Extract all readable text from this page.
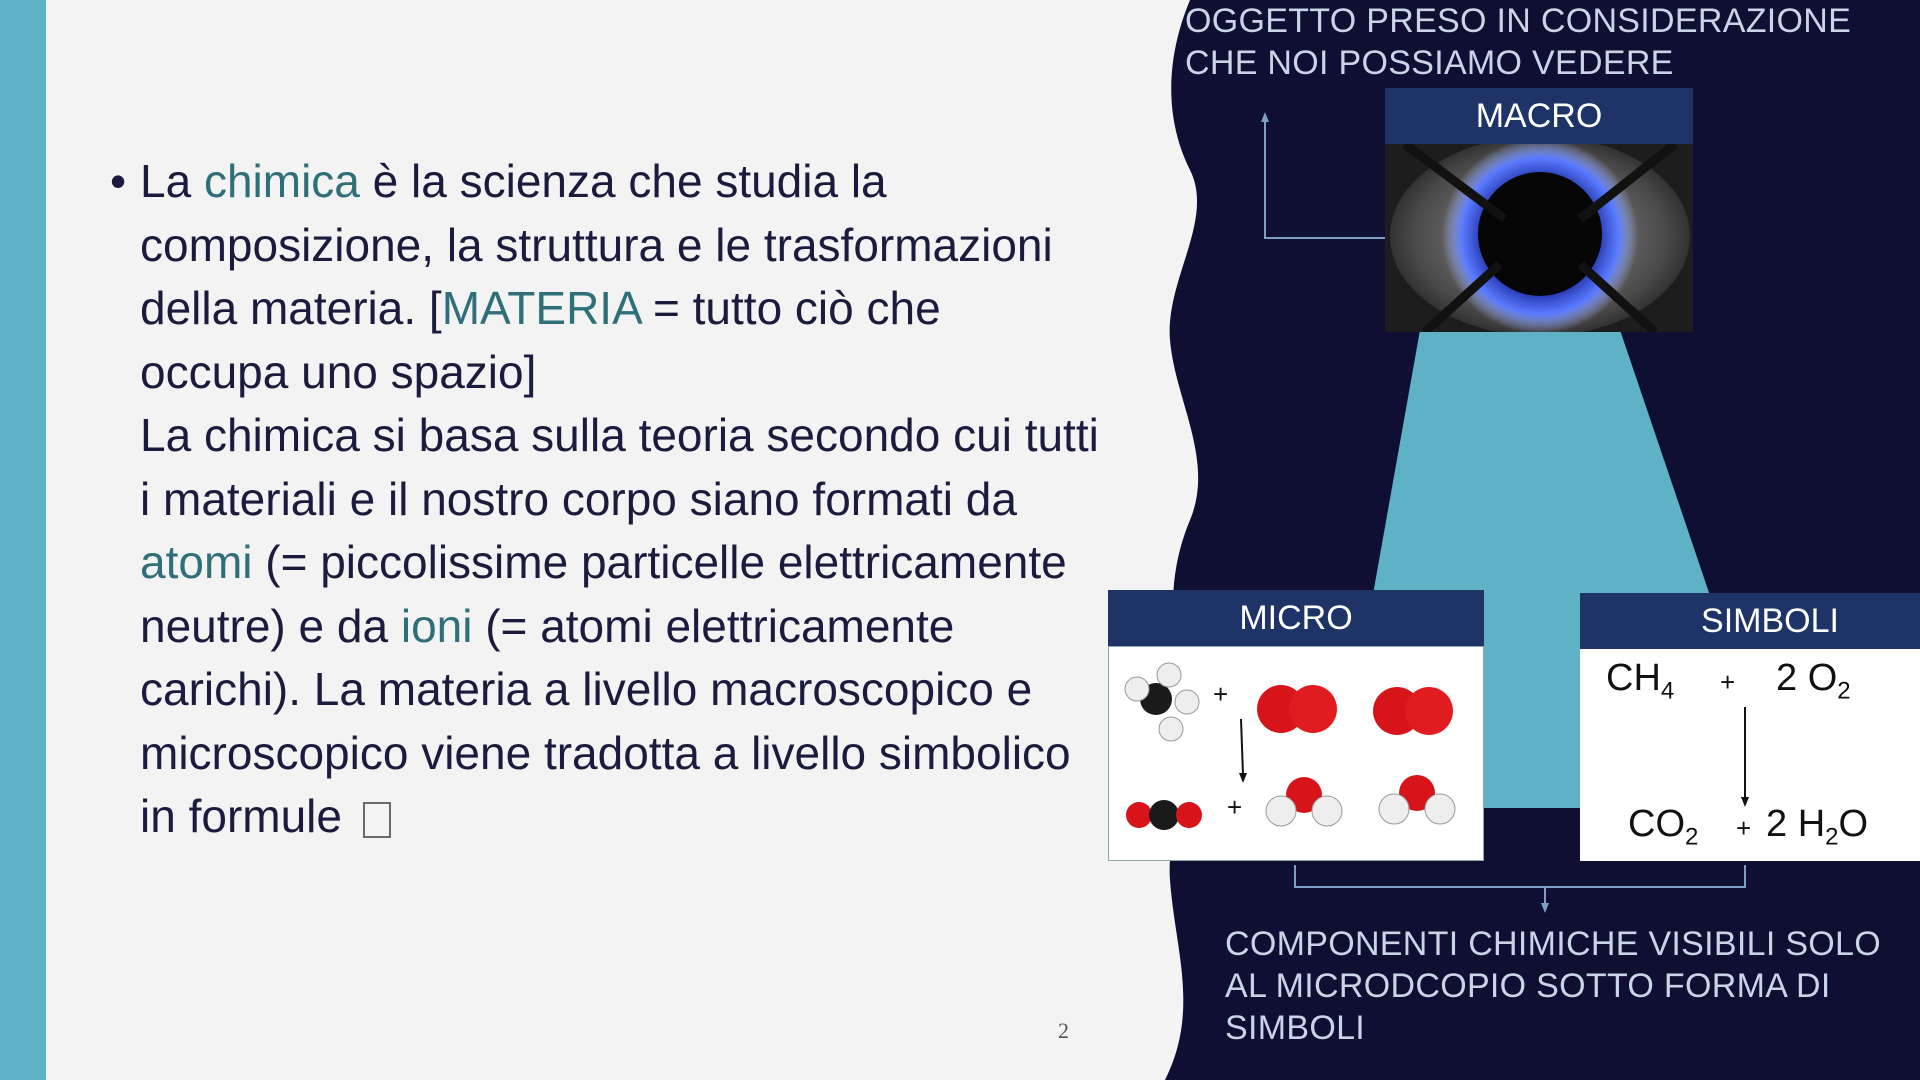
• La chimica è la scienza che studia la composizione, la struttura e le trasformazioni della materia. [MATERIA = tutto ciò che occupa uno spazio]

La chimica si basa sulla teoria secondo cui tutti i materiali e il nostro corpo siano formati da atomi (= piccolissime particelle elettricamente neutre) e da ioni (= atomi elettricamente carichi). La materia a livello macroscopico e microscopico viene tradotta a livello simbolico in formule

2
OGGETTO PRESO IN CONSIDERAZIONE
CHE NOI POSSIAMO VEDERE
MACRO
MICRO
+
+
SIMBOLI
$CH_4 + 2$ $O_2$
$CO_2 + 2$ $H_2O$
COMPONENTI CHIMICHE VISIBILI SOLO
AL MICRODCOPIO SOTTO FORMA DI
SIMBOLI
